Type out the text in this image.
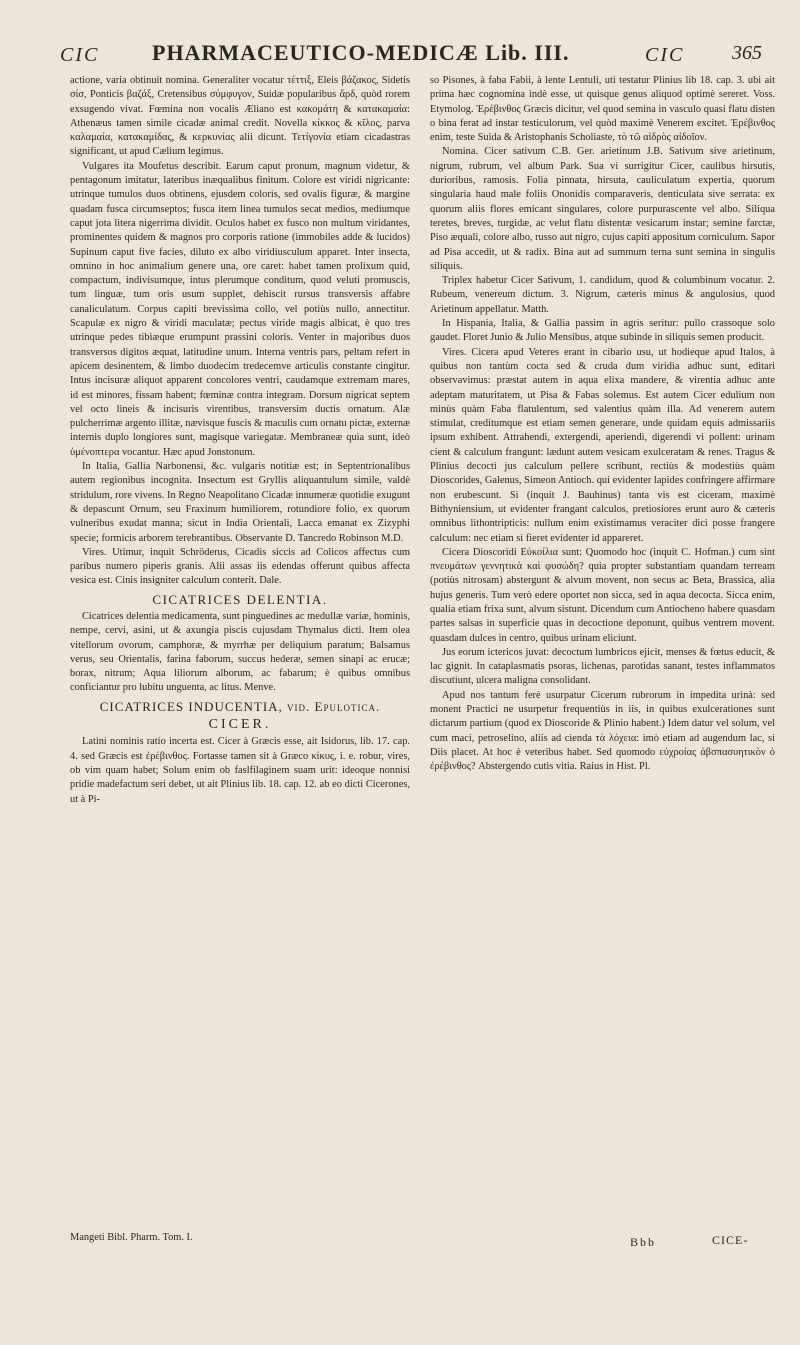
CIC PHARMACEUTICO-MEDICÆ Lib. III.	CIC 365

actione, varia obtinuit nomina. Generaliter vocatur τέττιξ, Eleis βάζακος, Sidetis σίσ, Ponticis βαζάξ, Cretensibus σύμφυγον, Suidæ popularibus ἄρδ, quòd rorem exsugendo vivat. Fœmina non vocalis Æliano est κακομάτη & κατακαμαία: Athenæus tamen simile cicadæ animal credit. Novella κίκκος & κῖλος, parva καλαμαία, κατακαμίδας, & κερκυνίας alii dicunt. Τετίγονία etiam cicadastras significant, ut apud Cælium legimus.

Vulgares ita Moufetus describit. Earum caput pronum, magnum videtur, & pentagonum imitatur, lateribus inæqualibus finitum. Colore est viridi nigricante: utrinque tumulos duos obtinens, ejusdem coloris, sed ovalis figuræ, & margine quadam fusca circumseptos; fusca item linea tumulos secat medios, mediumque caput jota litera nigerrima dividit. Oculos habet ex fusco non multum viridantes, prominentes quidem & magnos pro corporis ratione (immobiles adde & lucidos) Supinum caput five facies, diluto ex albo viridiusculum apparet. Inter insecta, omnino in hoc animalium genere una, ore caret: habet tamen prolixum quid, compactum, indivisumque, intus plerumque conditum, quod veluti promuscis, tum linguæ, tum oris usum supplet, dehiscit rursus transversis affabre canaliculatum. Corpus capiti brevissima collo, vel potiùs nullo, annectitur. Scapulæ ex nigro & viridi maculatæ; pectus viride magis albicat, è quo tres utrinque pedes tibiæque erumpunt prassini coloris. Venter in majoribus duos transversos digitos æquat, latitudine unum. Interna ventris pars, peltam refert in apicem desinentem, & limbo duodecim tredecemve articulis constante cingitur. Intus incisuræ aliquot apparent concolores ventri, caudamque extremam mares, id est minores, fissam habent; fœminæ contra integram. Dorsum nigricat septem vel octo lineis & incisuris virentibus, transversim ductis ornatum. Alæ pulcherrimæ argento illitæ, nævisque fuscis & maculis cum ornatu pictæ, externæ internis duplo longiores sunt, magisque variegatæ. Membraneæ quia sunt, ideò ὑμένοπτερα vocantur. Hæc apud Jonstonum.

In Italia, Gallia Narbonensi, &c. vulgaris notitiæ est; in Septentrionalibus autem regionibus incognita. Insectum est Gryllis aliquantulum simile, valdè stridulum, rore vivens. In Regno Neapolitano Cicadæ innumeræ quotidie exugunt & depascunt Ornum, seu Fraxinum humiliorem, rotundiore folio, ex quorum vulneribus exudat manna; sicut in India Orientali, Lacca emanat ex Zizyphi specie; formicis arborem terebrantibus. Observante D. Tancredo Robinson M.D.

Vires. Utimur, inquit Schröderus, Cicadis siccis ad Colicos affectus cum paribus numero piperis granis. Alii assas iis edendas offerunt quibus affecta vesica est. Cinis insigniter calculum conterit. Dale.

CICATRICES DELENTIA.

Cicatrices delentia medicamenta, sunt pinguedines ac medullæ variæ, hominis, nempe, cervi, asini, ut & axungia piscis cujusdam Thymalus dicti. Item olea vitellorum ovorum, camphoræ, & myrrhæ per deliquium paratum; Balsamus verus, seu Orientalis, farina faborum, succus hederæ, semen sinapi ac erucæ; borax, nitrum; Aqua liliorum alborum, ac fabarum; è quibus omnibus conficiantur pro lubitu unguenta, ac litus. Menve.

CICATRICES INDUCENTIA, vid. Epulotica.
CICER.

Latini nominis ratio incerta est. Cicer à Græcis esse, ait Isidorus, lib. 17. cap. 4. sed Græcis est ἐρέβινθος. Fortasse tamen sit à Græco κίκυς, i. e. robur, vires, ob vim quam habet; Solum enim ob faslfilaginem suam urit: ideoque nonnisi pridie madefactum seri debet, ut ait Plinius lib. 18. cap. 12. ab eo dicti Cicerones, ut à Pi-

so Pisones, à faba Fabii, à lente Lentuli, uti testatur Plinius lib 18. cap. 3. ubi ait prima hæc cognomina indè esse, ut quisque genus aliquod optimè sereret. Voss. Etymolog. Ἐρέβινθος Græcis dicitur, vel quod semina in vasculo quasi flatu disten o bina ferat ad instar testiculorum, vel quòd maximè Venerem excitet. Ἐρέβινθος enim, teste Suida & Aristophanis Scholiaste, τὸ τῶ αἰδρὸς αἰδοῖον.

Nomina. Cicer sativum C.B. Ger. arietinum J.B. Sativum sive arietinum, nigrum, rubrum, vel album Park. Sua vi surrigitur Cicer, caulibus hirsutis, durioribus, ramosis. Folia pinnata, hirsuta, cauliculatum expertia, quorum singularia haud male foliis Ononidis comparaveris, denticulata sive serrata: ex quorum aliis flores emicant singulares, colore purpurascente vel albo. Siliqua teretes, breves, turgidæ, ac velut flatu distentæ vesicarum instar; semine farctæ, Piso æquali, colore albo, russo aut nigro, cujus capiti appositum corniculum. Sapor ad Pisa accedit, ut & radix. Bina aut ad summum terna sunt semina in singulis siliquis.

Triplex habetur Cicer Sativum, 1. candidum, quod & columbinum vocatur. 2. Rubeum, venereum dictum. 3. Nigrum, cæteris minus & angulosius, quod Arietinum appellatur. Matth.

In Hispania, Italia, & Gallia passim in agris seritur: pullo crassoque solo gaudet. Floret Junio & Julio Mensibus, atque subinde in siliquis semen producit.

Vires. Cicera apud Veteres erant in cibario usu, ut hodieque apud Italos, à quibus non tantùm cocta sed & cruda dum viridia adhuc sunt, editari observavimus: præstat autem in aqua elixa mandere, & virentia adhuc ante adeptam maturitatem, ut Pisa & Fabas solemus. Est autem Cicer edulium non minùs quàm Faba flatulentum, sed valentius quàm illa. Ad venerem autem stimulat, creditumque est etiam semen generare, unde quidam equis admissariis ipsum exhibent. Attrahendi, extergendi, aperiendi, digerendi vi pollent: urinam cient & calculum frangunt: lædunt autem vesicam exulceratam & renes. Tragus & Plinius decocti jus calculum pellere scribunt, rectiùs & modestiùs quàm Dioscorides, Galenus, Simeon Antioch. qui evidenter lapides confringere affirmare non erubescunt. Si (inquit J. Bauhinus) tanta vis est ciceram, maximè Bithyniensium, ut evidenter frangant calculos, pretiosiores erunt auro & cæteris omnibus lithontripticis: nullum enim existimamus veraciter dici posse frangere calculum: nec etiam si fieret evidenter id appareret.

Cicera Dioscoridi Εὐκοίλια sunt: Quomodo hoc (inquit C. Hofman.) cum sint πνευμάτων γεννητικὰ καὶ φυσώδη? quia propter substantiam quandam terream (potiùs nitrosam) abstergunt & alvum movent, non secus ac Beta, Brassica, alia hujus generis. Tum verò edere oportet non sicca, sed in aqua decocta. Sicca enim, qualia etiam frixa sunt, alvum sistunt. Dicendum cum Antiocheno habere quasdam partes salsas in superficie quas in decoctione deponunt, quibus ventrem movent. quasdam dulces in centro, quibus urinam eliciunt.

Jus eorum ictericos juvat: decoctum lumbricos ejicit, menses & fœtus educit, & lac gignit. In cataplasmatis psoras, lichenas, parotidas sanant, testes inflammatos discutiunt, ulcera maligna consolidant.

Apud nos tantum ferè usurpatur Cicerum rubrorum in impedita urinà: sed monent Practici ne usurpetur frequentiùs in iis, in quibus exulcerationes sunt dictarum partium (quod ex Dioscoride & Plinio habent.) Idem datur vel solum, vel cum maci, petroselino, aliis ad cienda τὰ λόχεια: imò etiam ad augendum lac, si Diis placet. At hoc è veteribus habet. Sed quomodo εὐχροίας ἀβσπασυητικὸν ὁ ἐρέβινθος? Abstergendo cutis vitia. Raius in Hist. Pl.

Mangeti Bibl. Pharm. Tom. I.	Bbb	CICE-
